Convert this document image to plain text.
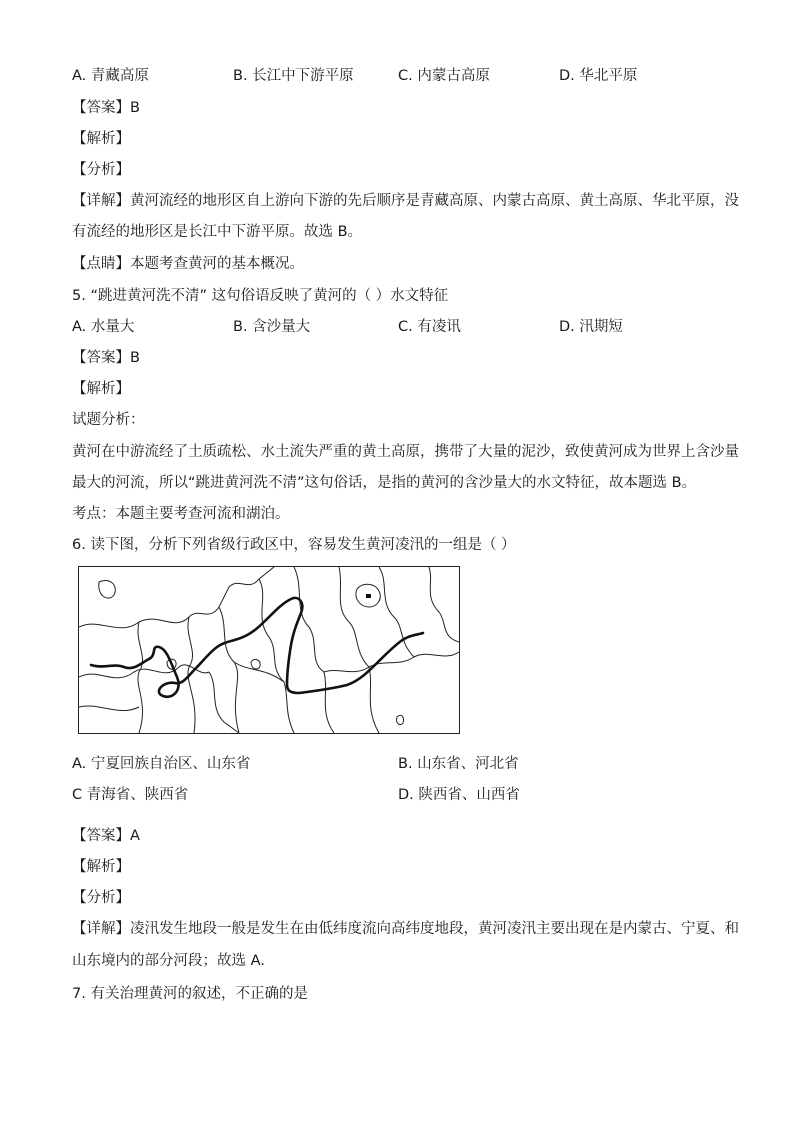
A. 青藏高原	B. 长江中下游平原	C. 内蒙古高原	D. 华北平原
【答案】B
【解析】
【分析】
【详解】黄河流经的地形区自上游向下游的先后顺序是青藏高原、内蒙古高原、黄土高原、华北平原，没
有流经的地形区是长江中下游平原。故选 B。
【点睛】本题考查黄河的基本概况。
5. “跳进黄河洗不清” 这句俗语反映了黄河的（ ）水文特征
A. 水量大	B. 含沙量大	C. 有凌讯	D. 汛期短
【答案】B
【解析】
试题分析：
黄河在中游流经了土质疏松、水土流失严重的黄土高原，携带了大量的泥沙，致使黄河成为世界上含沙量
最大的河流，所以“跳进黄河洗不清”这句俗话，是指的黄河的含沙量大的水文特征，故本题选 B。
考点：本题主要考查河流和湖泊。
6. 读下图，分析下列省级行政区中，容易发生黄河凌汛的一组是（ ）
A. 宁夏回族自治区、山东省	B. 山东省、河北省
C 青海省、陕西省	D. 陕西省、山西省
【答案】A
【解析】
【分析】
【详解】凌汛发生地段一般是发生在由低纬度流向高纬度地段，黄河凌汛主要出现在是内蒙古、宁夏、和
山东境内的部分河段；故选 A.
7. 有关治理黄河的叙述，不正确的是
